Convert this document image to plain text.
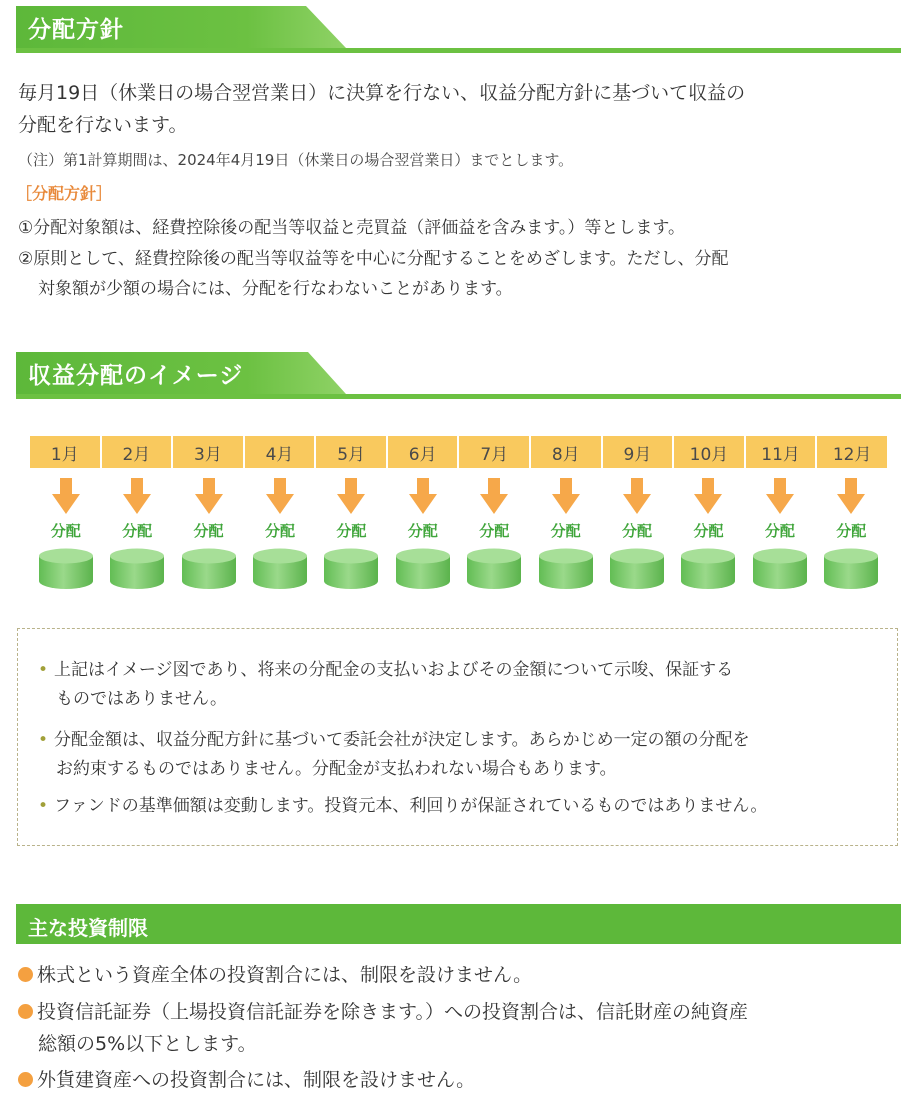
分配方針
毎月19日（休業日の場合翌営業日）に決算を行ない、収益分配方針に基づいて収益の
分配を行ないます。
（注）第1計算期間は、2024年4月19日（休業日の場合翌営業日）までとします。
［分配方針］
①分配対象額は、経費控除後の配当等収益と売買益（評価益を含みます。）等とします。
②原則として、経費控除後の配当等収益等を中心に分配することをめざします。ただし、分配
対象額が少額の場合には、分配を行なわないことがあります。
収益分配のイメージ
1月	2月	3月	4月	5月	6月	7月	8月	9月	10月	11月	12月
分配	分配	分配	分配	分配	分配	分配	分配	分配	分配	分配	分配
• 上記はイメージ図であり、将来の分配金の支払いおよびその金額について示唆、保証する
ものではありません。
• 分配金額は、収益分配方針に基づいて委託会社が決定します。あらかじめ一定の額の分配を
お約束するものではありません。分配金が支払われない場合もあります。
• ファンドの基準価額は変動します。投資元本、利回りが保証されているものではありません。
主な投資制限
株式という資産全体の投資割合には、制限を設けません。
投資信託証券（上場投資信託証券を除きます。）への投資割合は、信託財産の純資産
総額の5%以下とします。
外貨建資産への投資割合には、制限を設けません。
